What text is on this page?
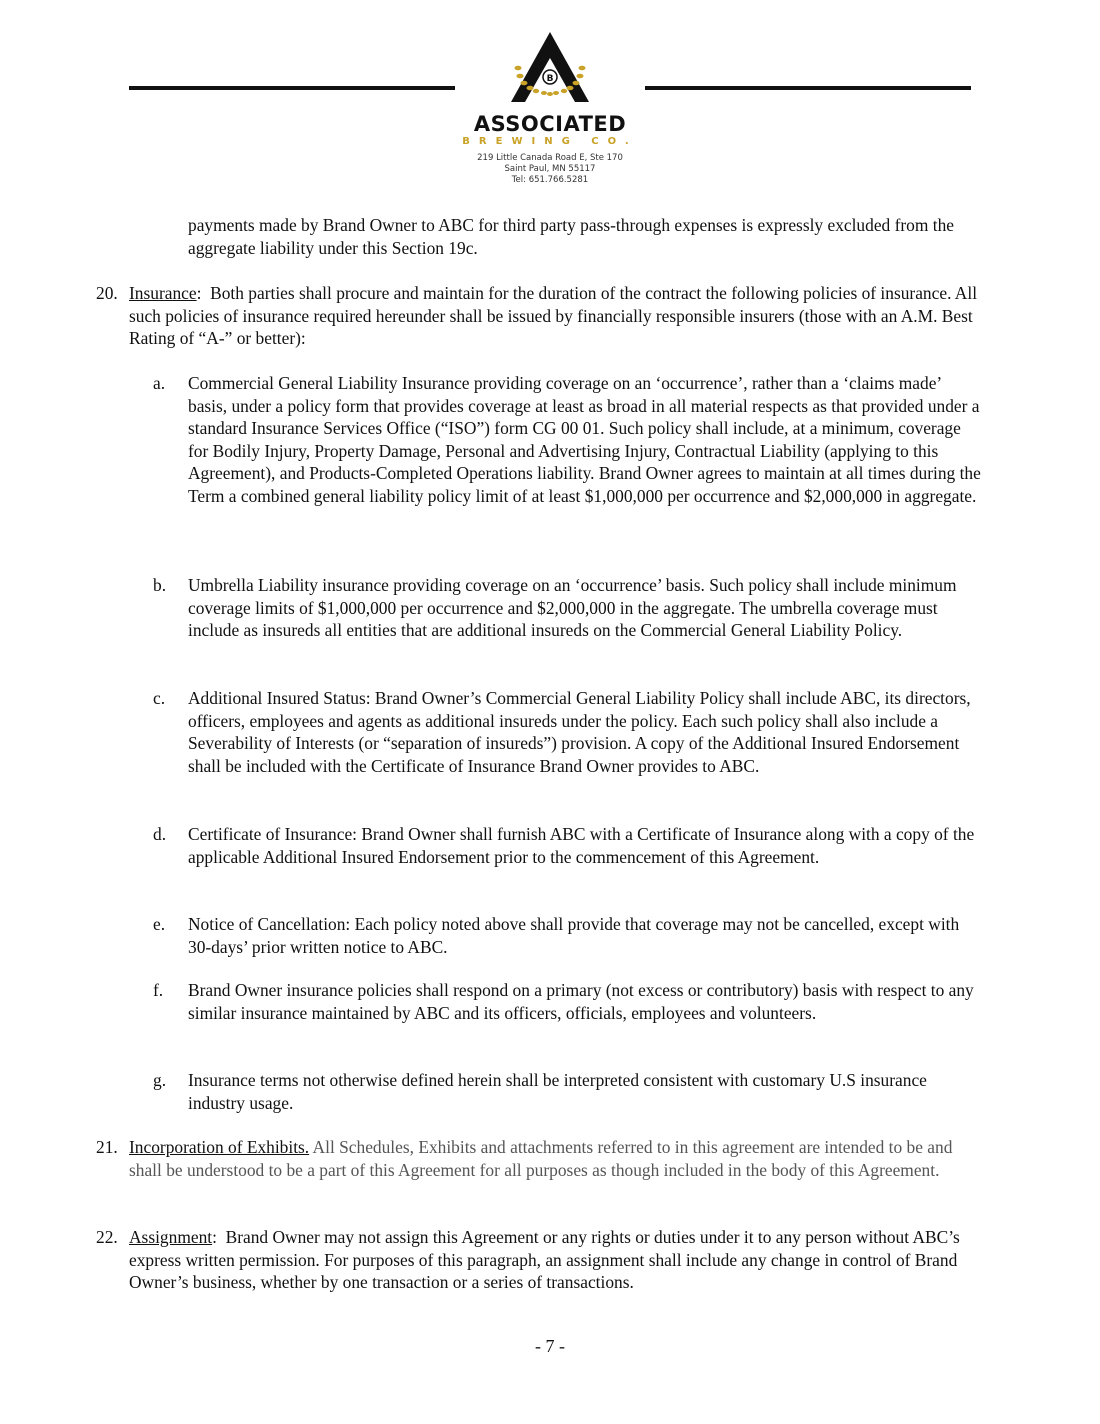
B
ASSOCIATED
BREWING CO.
219 Little Canada Road E, Ste 170
Saint Paul, MN 55117
Tel: 651.766.5281
payments made by Brand Owner to ABC for third party pass-through expenses is expressly excluded from the aggregate liability under this Section 19c.
20. Insurance:  Both parties shall procure and maintain for the duration of the contract the following policies of insurance. All such policies of insurance required hereunder shall be issued by financially responsible insurers (those with an A.M. Best Rating of “A-” or better):
a. Commercial General Liability Insurance providing coverage on an ‘occurrence’, rather than a ‘claims made’ basis, under a policy form that provides coverage at least as broad in all material respects as that provided under a standard Insurance Services Office (“ISO”) form CG 00 01. Such policy shall include, at a minimum, coverage for Bodily Injury, Property Damage, Personal and Advertising Injury, Contractual Liability (applying to this Agreement), and Products-Completed Operations liability. Brand Owner agrees to maintain at all times during the Term a combined general liability policy limit of at least $1,000,000 per occurrence and $2,000,000 in aggregate.
b. Umbrella Liability insurance providing coverage on an ‘occurrence’ basis. Such policy shall include minimum coverage limits of $1,000,000 per occurrence and $2,000,000 in the aggregate. The umbrella coverage must include as insureds all entities that are additional insureds on the Commercial General Liability Policy.
c. Additional Insured Status: Brand Owner’s Commercial General Liability Policy shall include ABC, its directors, officers, employees and agents as additional insureds under the policy. Each such policy shall also include a Severability of Interests (or “separation of insureds”) provision. A copy of the Additional Insured Endorsement shall be included with the Certificate of Insurance Brand Owner provides to ABC.
d. Certificate of Insurance: Brand Owner shall furnish ABC with a Certificate of Insurance along with a copy of the applicable Additional Insured Endorsement prior to the commencement of this Agreement.
e. Notice of Cancellation: Each policy noted above shall provide that coverage may not be cancelled, except with 30-days’ prior written notice to ABC.
f. Brand Owner insurance policies shall respond on a primary (not excess or contributory) basis with respect to any similar insurance maintained by ABC and its officers, officials, employees and volunteers.
g. Insurance terms not otherwise defined herein shall be interpreted consistent with customary U.S insurance industry usage.
21. Incorporation of Exhibits. All Schedules, Exhibits and attachments referred to in this agreement are intended to be and shall be understood to be a part of this Agreement for all purposes as though included in the body of this Agreement.
22. Assignment:  Brand Owner may not assign this Agreement or any rights or duties under it to any person without ABC’s express written permission. For purposes of this paragraph, an assignment shall include any change in control of Brand Owner’s business, whether by one transaction or a series of transactions.
- 7 -
